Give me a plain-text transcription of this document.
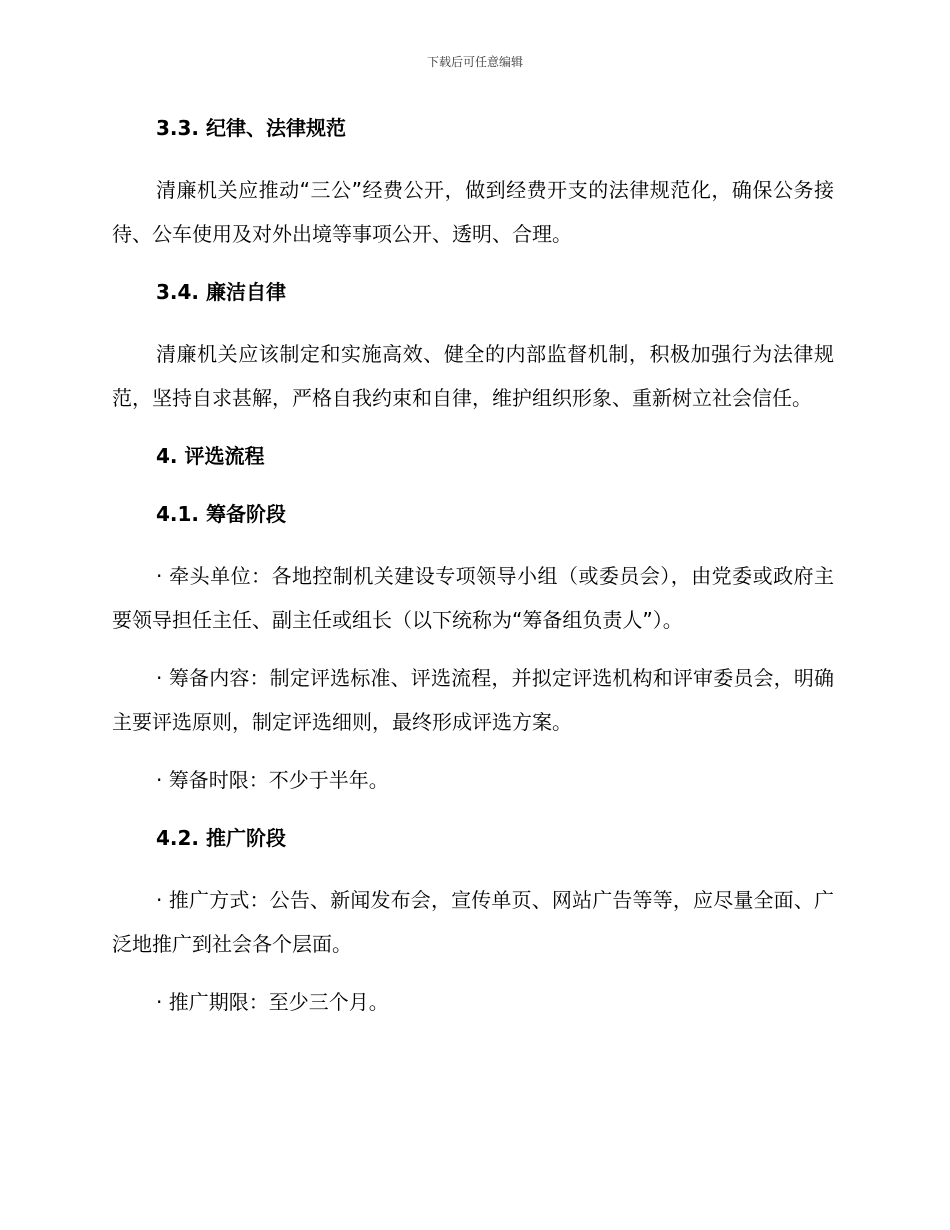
下载后可任意编辑
3.3. 纪律、法律规范

清廉机关应推动“三公”经费公开，做到经费开支的法律规范化，确保公务接待、公车使用及对外出境等事项公开、透明、合理。

3.4. 廉洁自律

清廉机关应该制定和实施高效、健全的内部监督机制，积极加强行为法律规范，坚持自求甚解，严格自我约束和自律，维护组织形象、重新树立社会信任。

4. 评选流程
4.1. 筹备阶段

· 牵头单位：各地控制机关建设专项领导小组（或委员会），由党委或政府主要领导担任主任、副主任或组长（以下统称为“筹备组负责人”）。

· 筹备内容：制定评选标准、评选流程，并拟定评选机构和评审委员会，明确主要评选原则，制定评选细则，最终形成评选方案。

· 筹备时限：不少于半年。

4.2. 推广阶段

· 推广方式：公告、新闻发布会，宣传单页、网站广告等等，应尽量全面、广泛地推广到社会各个层面。

· 推广期限：至少三个月。
